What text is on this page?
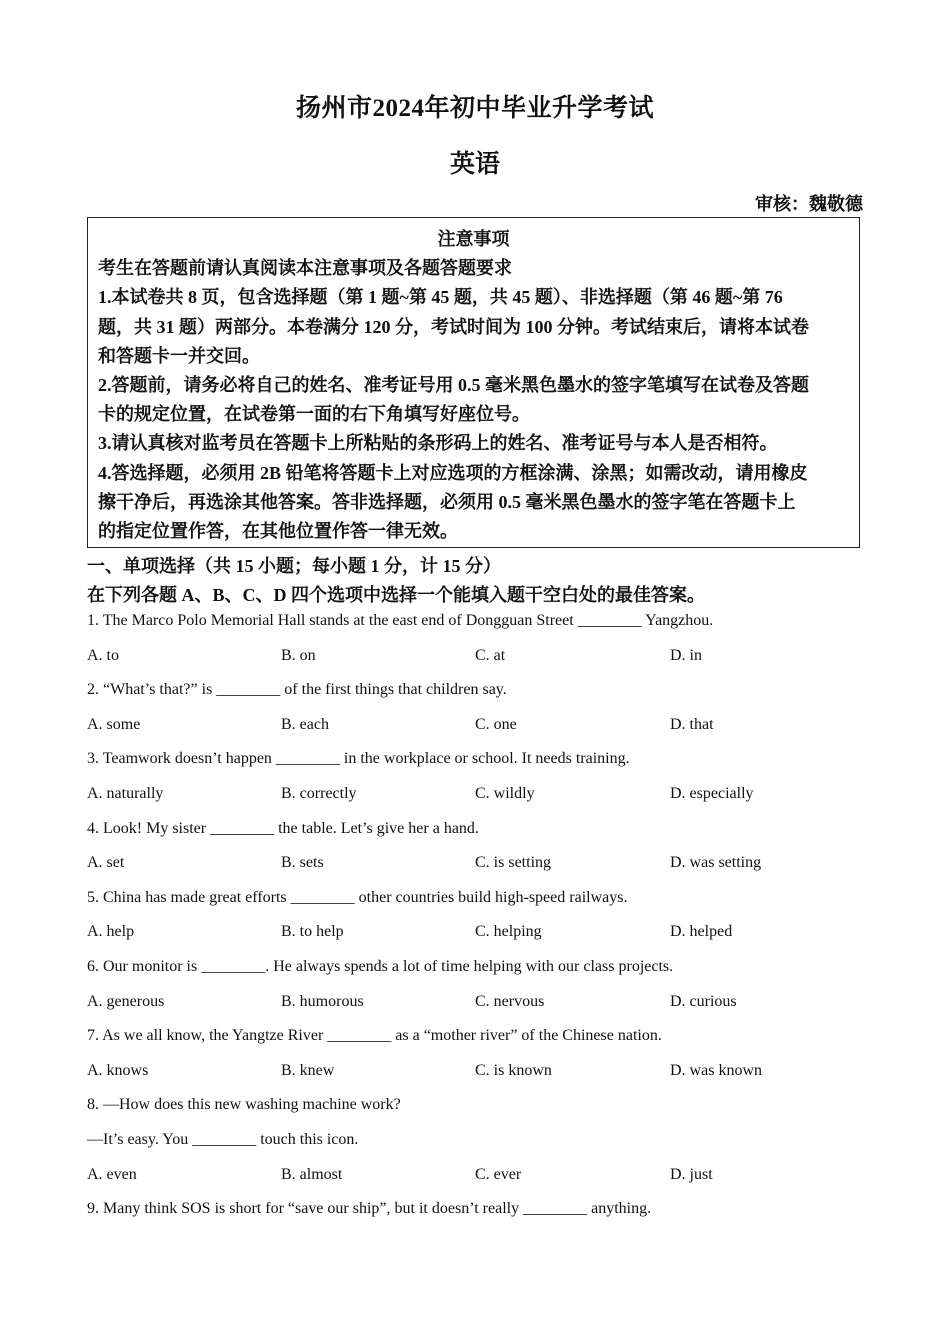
扬州市2024年初中毕业升学考试
英语
审核：魏敬德
注意事项
考生在答题前请认真阅读本注意事项及各题答题要求
1.本试卷共 8 页，包含选择题（第 1 题~第 45 题，共 45 题）、非选择题（第 46 题~第 76
题，共 31 题）两部分。本卷满分 120 分，考试时间为 100 分钟。考试结束后，请将本试卷
和答题卡一并交回。
2.答题前，请务必将自己的姓名、准考证号用 0.5 毫米黑色墨水的签字笔填写在试卷及答题
卡的规定位置，在试卷第一面的右下角填写好座位号。
3.请认真核对监考员在答题卡上所粘贴的条形码上的姓名、准考证号与本人是否相符。
4.答选择题，必须用 2B 铅笔将答题卡上对应选项的方框涂满、涂黑；如需改动，请用橡皮
擦干净后，再选涂其他答案。答非选择题，必须用 0.5 毫米黑色墨水的签字笔在答题卡上
的指定位置作答，在其他位置作答一律无效。
一、单项选择（共 15 小题；每小题 1 分，计 15 分）
在下列各题 A、B、C、D 四个选项中选择一个能填入题干空白处的最佳答案。
1. The Marco Polo Memorial Hall stands at the east end of Dongguan Street ________ Yangzhou.
A. to	B. on	C. at	D. in
2. “What’s that?” is ________ of the first things that children say.
A. some	B. each	C. one	D. that
3. Teamwork doesn’t happen ________ in the workplace or school. It needs training.
A. naturally	B. correctly	C. wildly	D. especially
4. Look! My sister ________ the table. Let’s give her a hand.
A. set	B. sets	C. is setting	D. was setting
5. China has made great efforts ________ other countries build high-speed railways.
A. help	B. to help	C. helping	D. helped
6. Our monitor is ________. He always spends a lot of time helping with our class projects.
A. generous	B. humorous	C. nervous	D. curious
7. As we all know, the Yangtze River ________ as a “mother river” of the Chinese nation.
A. knows	B. knew	C. is known	D. was known
8. —How does this new washing machine work?
—It’s easy. You ________ touch this icon.
A. even	B. almost	C. ever	D. just
9. Many think SOS is short for “save our ship”, but it doesn’t really ________ anything.
